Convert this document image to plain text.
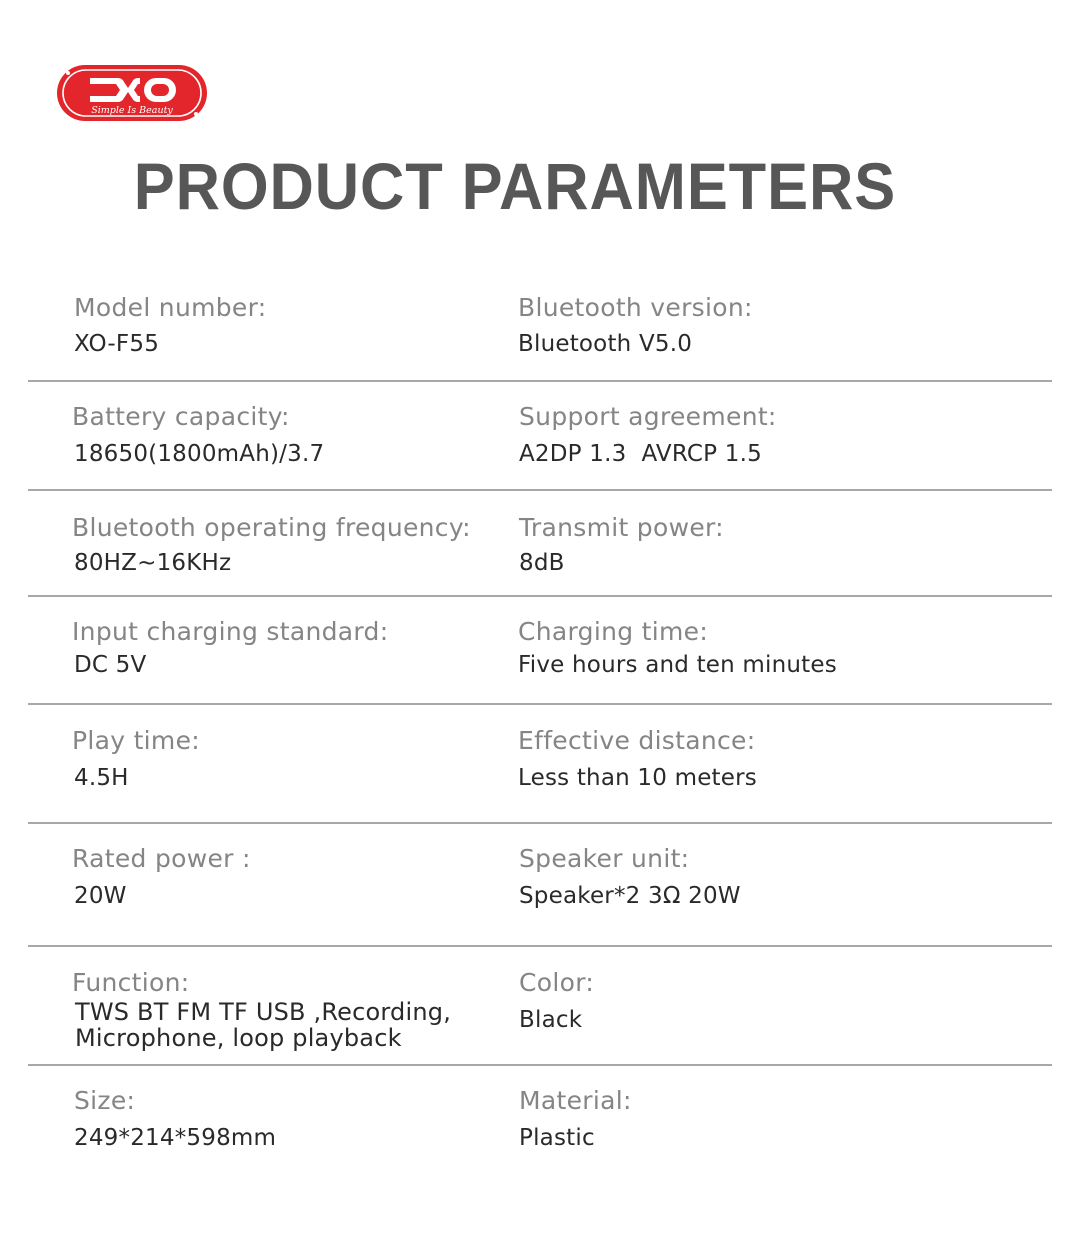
Simple Is Beauty
PRODUCT PARAMETERS
Model number:
XO-F55
Bluetooth version:
Bluetooth V5.0
Battery capacity:
18650(1800mAh)/3.7
Support agreement:
A2DP 1.3  AVRCP 1.5
Bluetooth operating frequency:
80HZ~16KHz
Transmit power:
8dB
Input charging standard:
DC 5V
Charging time:
Five hours and ten minutes
Play time:
4.5H
Effective distance:
Less than 10 meters
Rated power :
20W
Speaker unit:
Speaker*2 3Ω 20W
Function:
TWS BT FM TF USB ,Recording,
Microphone, loop playback
Color:
Black
Size:
249*214*598mm
Material:
Plastic
